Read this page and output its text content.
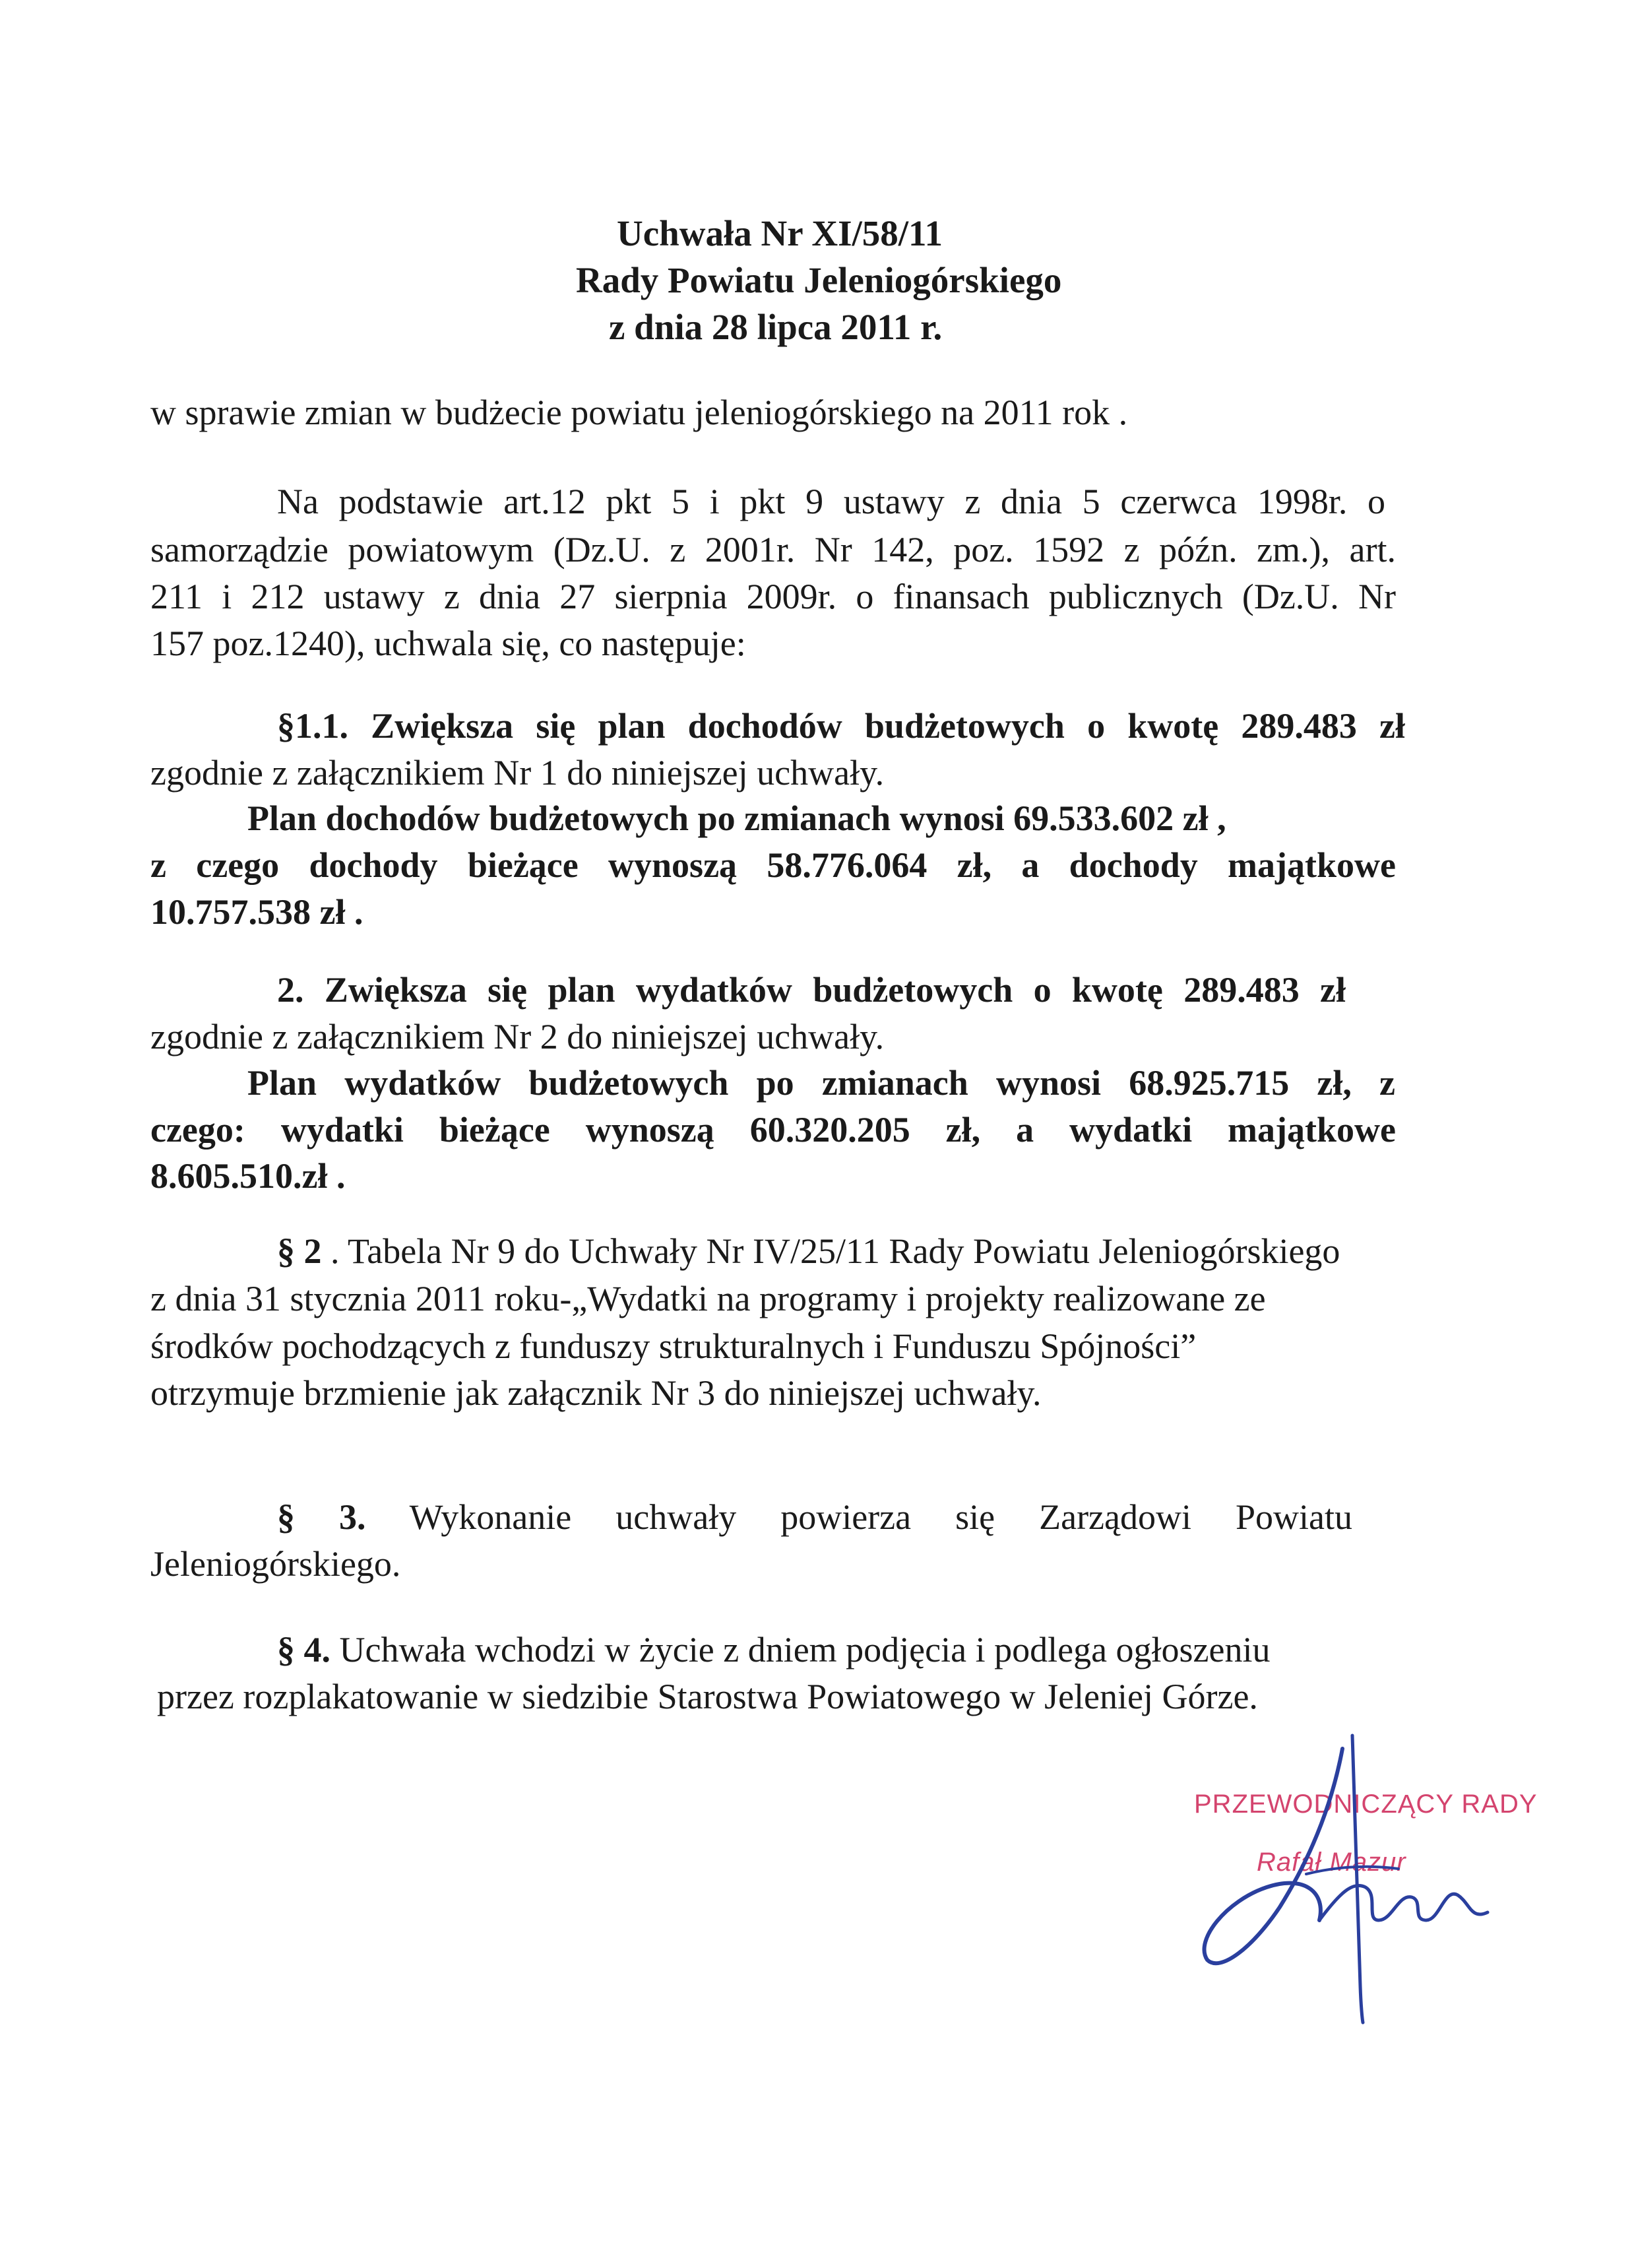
Uchwała Nr XI/58/11
Rady Powiatu Jeleniogórskiego
z dnia 28 lipca 2011 r.
w sprawie zmian w budżecie powiatu jeleniogórskiego na 2011 rok .
Na podstawie art.12 pkt 5 i pkt 9 ustawy z dnia 5 czerwca 1998r. o
samorządzie powiatowym (Dz.U. z 2001r. Nr 142, poz. 1592 z późn. zm.), art.
211 i 212 ustawy z dnia 27 sierpnia 2009r. o finansach publicznych (Dz.U. Nr
157 poz.1240), uchwala się, co następuje:
§1.1. Zwiększa się plan dochodów budżetowych o kwotę 289.483 zł
zgodnie z załącznikiem Nr 1 do niniejszej uchwały.
Plan dochodów budżetowych po zmianach wynosi 69.533.602 zł ,
z czego dochody bieżące wynoszą 58.776.064 zł, a dochody majątkowe
10.757.538 zł .
2. Zwiększa się plan wydatków budżetowych o kwotę 289.483 zł
zgodnie z załącznikiem Nr 2 do niniejszej uchwały.
Plan wydatków budżetowych po zmianach wynosi 68.925.715 zł, z
czego: wydatki bieżące wynoszą 60.320.205 zł, a wydatki majątkowe
8.605.510.zł .
§ 2 . Tabela Nr 9 do Uchwały Nr IV/25/11 Rady Powiatu Jeleniogórskiego
z dnia 31 stycznia 2011 roku-„Wydatki na programy i projekty realizowane ze
środków pochodzących z funduszy strukturalnych i Funduszu Spójności”
otrzymuje brzmienie jak załącznik Nr 3 do niniejszej uchwały.
§ 3. Wykonanie uchwały powierza się Zarządowi Powiatu
Jeleniogórskiego.
§ 4. Uchwała wchodzi w życie z dniem podjęcia i podlega ogłoszeniu
przez rozplakatowanie w siedzibie Starostwa Powiatowego w Jeleniej Górze.
PRZEWODNICZĄCY RADY
Rafał Mazur
